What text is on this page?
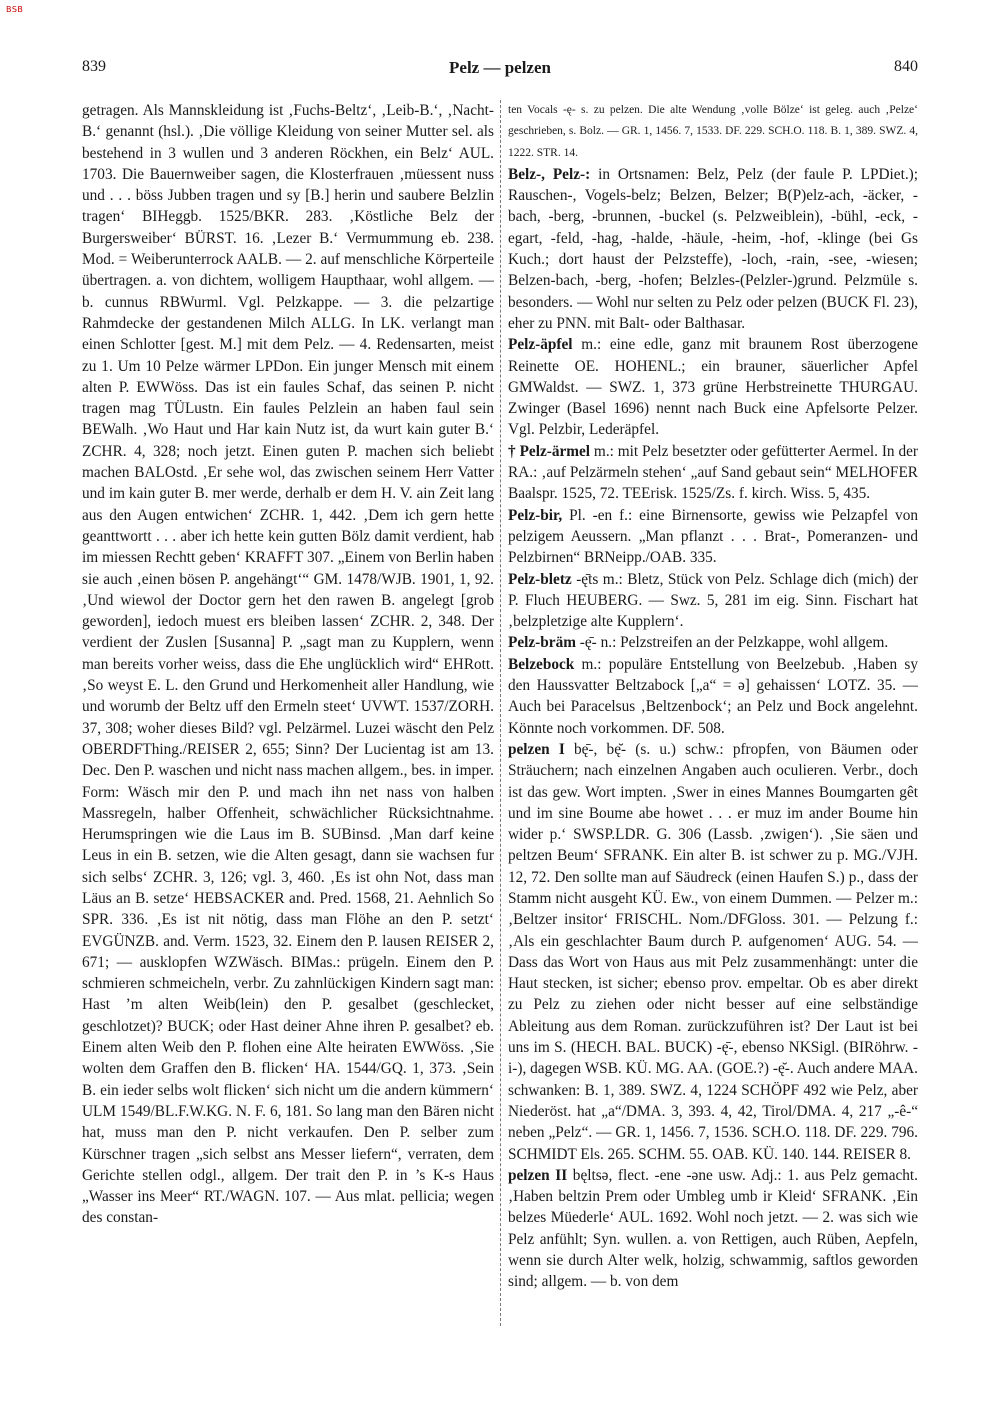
BSB
839	Pelz — pelzen	840

getragen. Als Mannskleidung ist ‚Fuchs-Beltz‘, ‚Leib-B.‘, ‚Nacht-B.‘ genannt (hsl.). ‚Die völlige Kleidung von seiner Mutter sel. als bestehend in 3 wullen und 3 anderen Röckhen, ein Belz‘ AUL. 1703. Die Bauernweiber sagen, die Klosterfrauen ‚müessent nuss und . . . böss Jubben tragen und sy [B.] herin und saubere Belzlin tragen‘ BIHeggb. 1525/BKR. 283. ‚Köstliche Belz der Burgersweiber‘ BÜRST. 16. ‚Lezer B.‘ Vermummung eb. 238. Mod. = Weiberunterrock AALB. — 2. auf menschliche Körperteile übertragen. a. von dichtem, wolligem Haupthaar, wohl allgem. — b. cunnus RBWurml. Vgl. Pelzkappe. — 3. die pelzartige Rahmdecke der gestandenen Milch ALLG. In LK. verlangt man einen Schlotter [gest. M.] mit dem Pelz. — 4. Redensarten, meist zu 1. Um 10 Pelze wärmer LPDon. Ein junger Mensch mit einem alten P. EWWöss. Das ist ein faules Schaf, das seinen P. nicht tragen mag TÜLustn. Ein faules Pelzlein an haben faul sein BEWalh. ‚Wo Haut und Har kain Nutz ist, da wurt kain guter B.‘ ZCHR. 4, 328; noch jetzt. Einen guten P. machen sich beliebt machen BALOstd. ‚Er sehe wol, das zwischen seinem Herr Vatter und im kain guter B. mer werde, derhalb er dem H. V. ain Zeit lang aus den Augen entwichen‘ ZCHR. 1, 442. ‚Dem ich gern hette geanttwortt . . . aber ich hette kein gutten Bölz damit verdient, hab im miessen Rechtt geben‘ KRAFFT 307. „Einem von Berlin haben sie auch ‚einen bösen P. angehängt‘“ GM. 1478/WJB. 1901, 1, 92. ‚Und wiewol der Doctor gern het den rawen B. angelegt [grob geworden], iedoch muest ers bleiben lassen‘ ZCHR. 2, 348. Der verdient der Zuslen [Susanna] P. „sagt man zu Kupplern, wenn man bereits vorher weiss, dass die Ehe unglücklich wird“ EHRott. ‚So weyst E. L. den Grund und Herkomenheit aller Handlung, wie und worumb der Beltz uff den Ermeln steet‘ UVWT. 1537/ZORH. 37, 308; woher dieses Bild? vgl. Pelzärmel. Luzei wäscht den Pelz OBERDFThing./REISER 2, 655; Sinn? Der Lucientag ist am 13. Dec. Den P. waschen und nicht nass machen allgem., bes. in imper. Form: Wäsch mir den P. und mach ihn net nass von halben Massregeln, halber Offenheit, schwächlicher Rücksichtnahme. Herumspringen wie die Laus im B. SUBinsd. ‚Man darf keine Leus in ein B. setzen, wie die Alten gesagt, dann sie wachsen fur sich selbs‘ ZCHR. 3, 126; vgl. 3, 460. ‚Es ist ohn Not, dass man Läus an B. setze‘ HEBSACKER and. Pred. 1568, 21. Aehnlich So SPR. 336. ‚Es ist nit nötig, dass man Flöhe an den P. setzt‘ EVGÜNZB. and. Verm. 1523, 32. Einem den P. lausen REISER 2, 671; — ausklopfen WZWäsch. BIMas.: prügeln. Einem den P. schmieren schmeicheln, verbr. Zu zahnlückigen Kindern sagt man: Hast ’m alten Weib(lein) den P. gesalbet (geschlecket, geschlotzet)? BUCK; oder Hast deiner Ahne ihren P. gesalbet? eb. Einem alten Weib den P. flohen eine Alte heiraten EWWöss. ‚Sie wolten dem Graffen den B. flicken‘ HA. 1544/GQ. 1, 373. ‚Sein B. ein ieder selbs wolt flicken‘ sich nicht um die andern kümmern‘ ULM 1549/BL.F.W.KG. N. F. 6, 181. So lang man den Bären nicht hat, muss man den P. nicht verkaufen. Den P. selber zum Kürschner tragen „sich selbst ans Messer liefern“, verraten, dem Gerichte stellen odgl., allgem. Der trait den P. in ’s K-s Haus „Wasser ins Meer“ RT./WAGN. 107. — Aus mlat. pellicia; wegen des constan-

ten Vocals -ę- s. zu pelzen. Die alte Wendung ‚volle Bölze‘ ist geleg. auch ‚Pelze‘ geschrieben, s. Bolz. — GR. 1, 1456. 7, 1533. DF. 229. SCH.O. 118. B. 1, 389. SWZ. 4, 1222. STR. 14.

Belz-, Pelz-: in Ortsnamen: Belz, Pelz (der faule P. LPDiet.); Rauschen-, Vogels-belz; Belzen, Belzer; B(P)elz-ach, -äcker, -bach, -berg, -brunnen, -buckel (s. Pelzweiblein), -bühl, -eck, -egart, -feld, -hag, -halde, -häule, -heim, -hof, -klinge (bei Gs Kuch.; dort haust der Pelzsteffe), -loch, -rain, -see, -wiesen; Belzen-bach, -berg, -hofen; Belzles-(Pelzler-)grund. Pelzmüle s. besonders. — Wohl nur selten zu Pelz oder pelzen (BUCK Fl. 23), eher zu PNN. mit Balt- oder Balthasar.

Pelz-äpfel m.: eine edle, ganz mit braunem Rost überzogene Reinette OE. HOHENL.; ein brauner, säuerlicher Apfel GMWaldst. — SWZ. 1, 373 grüne Herbstreinette THURGAU. Zwinger (Basel 1696) nennt nach Buck eine Apfelsorte Pelzer. Vgl. Pelzbir, Lederäpfel.

† Pelz-ärmel m.: mit Pelz besetzter oder gefütterter Aermel. In der RA.: ‚auf Pelzärmeln stehen‘ „auf Sand gebaut sein“ MELHOFER Baalspr. 1525, 72. TEErisk. 1525/Zs. f. kirch. Wiss. 5, 435.

Pelz-bir, Pl. -en f.: eine Birnensorte, gewiss wie Pelzapfel von pelzigem Aeussern. „Man pflanzt . . . Brat-, Pomeranzen- und Pelzbirnen“ BRNeipp./OAB. 335.

Pelz-bletz -ę̄ts m.: Bletz, Stück von Pelz. Schlage dich (mich) der P. Fluch HEUBERG. — Swz. 5, 281 im eig. Sinn. Fischart hat ‚belzpletzige alte Kupplern‘.

Pelz-bräm -ę̄- n.: Pelzstreifen an der Pelzkappe, wohl allgem.

Belzebock m.: populäre Entstellung von Beelzebub. ‚Haben sy den Haussvatter Beltzabock [„a“ = ə] gehaissen‘ LOTZ. 35. — Auch bei Paracelsus ‚Beltzenbock‘; an Pelz und Bock angelehnt. Könnte noch vorkommen. DF. 508.

pelzen I bę̄-, bę̆- (s. u.) schw.: pfropfen, von Bäumen oder Sträuchern; nach einzelnen Angaben auch oculieren. Verbr., doch ist das gew. Wort impten. ‚Swer in eines Mannes Boumgarten gêt und im sine Boume abe howet . . . er muz im ander Boume hin wider p.‘ SWSP.LDR. G. 306 (Lassb. ‚zwigen‘). ‚Sie säen und peltzen Beum‘ SFRANK. Ein alter B. ist schwer zu p. MG./VJH. 12, 72. Den sollte man auf Säudreck (einen Haufen S.) p., dass der Stamm nicht ausgeht KÜ. Ew., von einem Dummen. — Pelzer m.: ‚Beltzer insitor‘ FRISCHL. Nom./DFGloss. 301. — Pelzung f.: ‚Als ein geschlachter Baum durch P. aufgenomen‘ AUG. 54. — Dass das Wort von Haus aus mit Pelz zusammenhängt: unter die Haut stecken, ist sicher; ebenso prov. empeltar. Ob es aber direkt zu Pelz zu ziehen oder nicht besser auf eine selbständige Ableitung aus dem Roman. zurückzuführen ist? Der Laut ist bei uns im S. (HECH. BAL. BUCK) -ę̄-, ebenso NKSigl. (BIRöhrw. -i-), dagegen WSB. KÜ. MG. AA. (GOE.?) -ę̆-. Auch andere MAA. schwanken: B. 1, 389. SWZ. 4, 1224 SCHÖPF 492 wie Pelz, aber Niederöst. hat „a“/DMA. 3, 393. 4, 42, Tirol/DMA. 4, 217 „-ê-“ neben „Pelz“. — GR. 1, 1456. 7, 1536. SCH.O. 118. DF. 229. 796. SCHMIDT Els. 265. SCHM. 55. OAB. KÜ. 140. 144. REISER 8.

pelzen II bęltsə, flect. -ene -əne usw. Adj.: 1. aus Pelz gemacht. ‚Haben beltzin Prem oder Umbleg umb ir Kleid‘ SFRANK. ‚Ein belzes Müederle‘ AUL. 1692. Wohl noch jetzt. — 2. was sich wie Pelz anfühlt; Syn. wullen. a. von Rettigen, auch Rüben, Aepfeln, wenn sie durch Alter welk, holzig, schwammig, saftlos geworden sind; allgem. — b. von dem
